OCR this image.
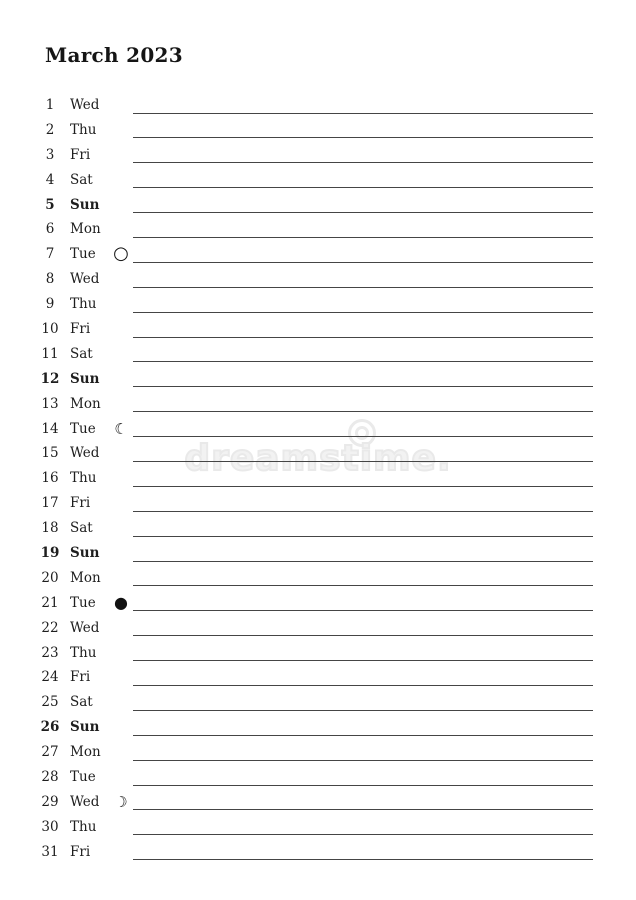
dreamstime.
March 2023
1	Wed
2	Thu
3	Fri
4	Sat
5	Sun
6	Mon
7	Tue ○
8	Wed
9	Thu
10 Fri
11 Sat
12 Sun
13 Mon
14 Tue	☾
15 Wed
16 Thu
17 Fri
18 Sat
19 Sun
20 Mon
21 Tue	●
22 Wed
23 Thu
24 Fri
25 Sat
26 Sun
27 Mon
28 Tue
29 Wed ☽
30 Thu
31 Fri
